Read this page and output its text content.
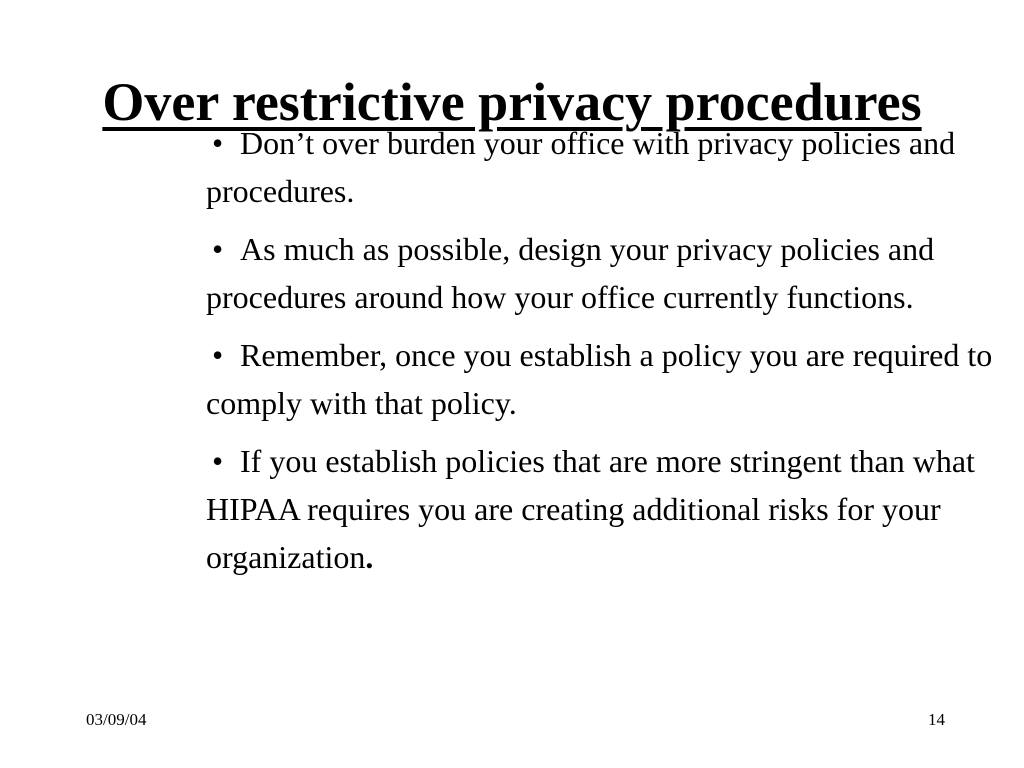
Over restrictive privacy procedures
• Don’t over burden your office with privacy policies and procedures.
• As much as possible, design your privacy policies and procedures around how your office currently functions.
• Remember, once you establish a policy you are required to comply with that policy.
• If you establish policies that are more stringent than what HIPAA requires you are creating additional risks for your organization.
03/09/04	14
